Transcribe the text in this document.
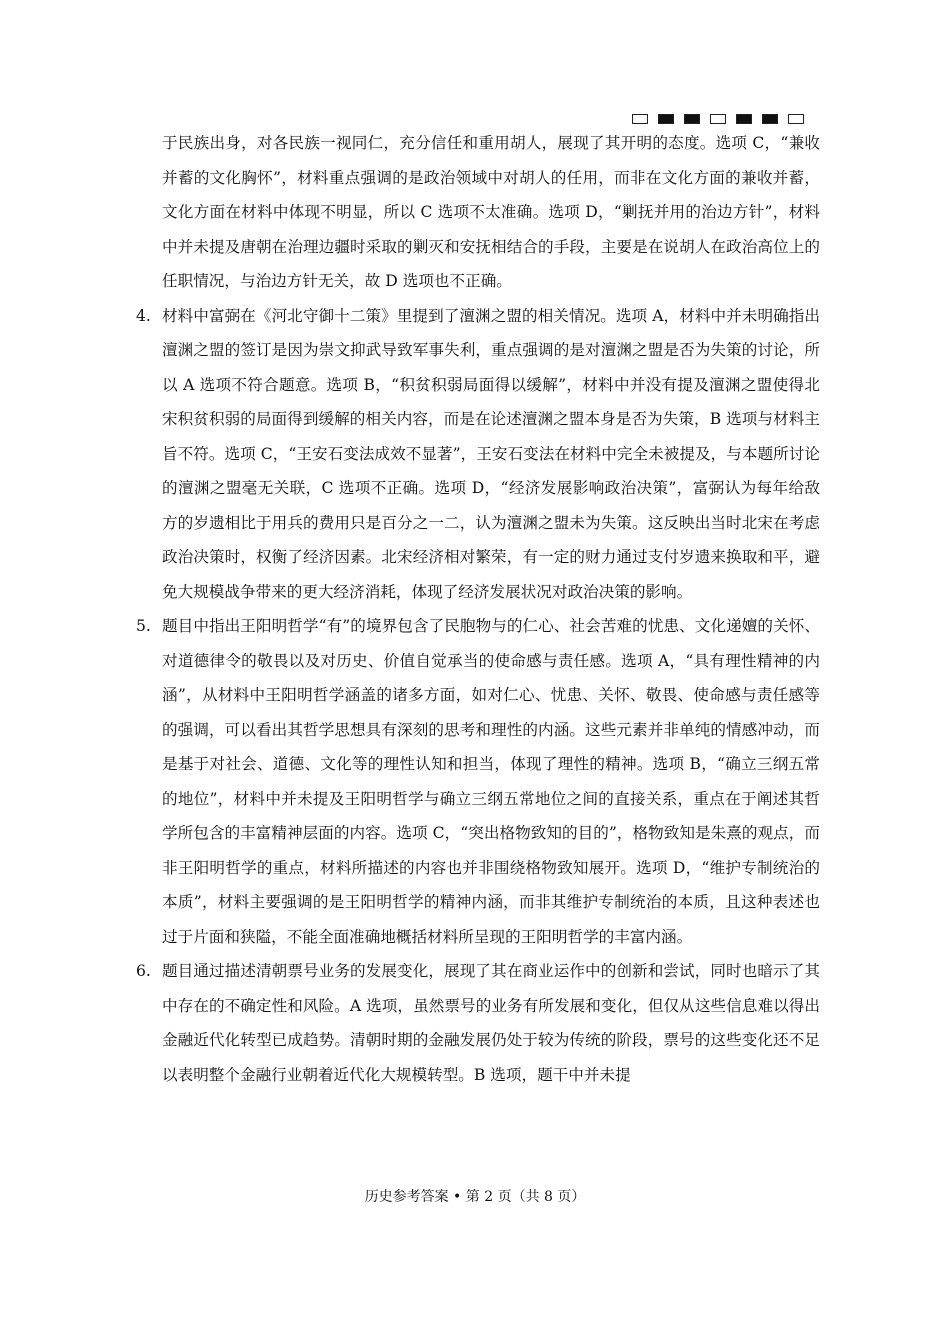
于民族出身，对各民族一视同仁，充分信任和重用胡人，展现了其开明的态度。选项 C，“兼收并蓄的文化胸怀”，材料重点强调的是政治领域中对胡人的任用，而非在文化方面的兼收并蓄，文化方面在材料中体现不明显，所以 C 选项不太准确。选项 D，“剿抚并用的治边方针”，材料中并未提及唐朝在治理边疆时采取的剿灭和安抚相结合的手段，主要是在说胡人在政治高位上的任职情况，与治边方针无关，故 D 选项也不正确。

4. 材料中富弼在《河北守御十二策》里提到了澶渊之盟的相关情况。选项 A，材料中并未明确指出澶渊之盟的签订是因为崇文抑武导致军事失利，重点强调的是对澶渊之盟是否为失策的讨论，所以 A 选项不符合题意。选项 B，“积贫积弱局面得以缓解”，材料中并没有提及澶渊之盟使得北宋积贫积弱的局面得到缓解的相关内容，而是在论述澶渊之盟本身是否为失策，B 选项与材料主旨不符。选项 C，“王安石变法成效不显著”，王安石变法在材料中完全未被提及，与本题所讨论的澶渊之盟毫无关联，C 选项不正确。选项 D，“经济发展影响政治决策”，富弼认为每年给敌方的岁遗相比于用兵的费用只是百分之一二，认为澶渊之盟未为失策。这反映出当时北宋在考虑政治决策时，权衡了经济因素。北宋经济相对繁荣，有一定的财力通过支付岁遗来换取和平，避免大规模战争带来的更大经济消耗，体现了经济发展状况对政治决策的影响。

5. 题目中指出王阳明哲学“有”的境界包含了民胞物与的仁心、社会苦难的忧患、文化递嬗的关怀、对道德律令的敬畏以及对历史、价值自觉承当的使命感与责任感。选项 A，“具有理性精神的内涵”，从材料中王阳明哲学涵盖的诸多方面，如对仁心、忧患、关怀、敬畏、使命感与责任感等的强调，可以看出其哲学思想具有深刻的思考和理性的内涵。这些元素并非单纯的情感冲动，而是基于对社会、道德、文化等的理性认知和担当，体现了理性的精神。选项 B，“确立三纲五常的地位”，材料中并未提及王阳明哲学与确立三纲五常地位之间的直接关系，重点在于阐述其哲学所包含的丰富精神层面的内容。选项 C，“突出格物致知的目的”，格物致知是朱熹的观点，而非王阳明哲学的重点，材料所描述的内容也并非围绕格物致知展开。选项 D，“维护专制统治的本质”，材料主要强调的是王阳明哲学的精神内涵，而非其维护专制统治的本质，且这种表述也过于片面和狭隘，不能全面准确地概括材料所呈现的王阳明哲学的丰富内涵。

6. 题目通过描述清朝票号业务的发展变化，展现了其在商业运作中的创新和尝试，同时也暗示了其中存在的不确定性和风险。A 选项，虽然票号的业务有所发展和变化，但仅从这些信息难以得出金融近代化转型已成趋势。清朝时期的金融发展仍处于较为传统的阶段，票号的这些变化还不足以表明整个金融行业朝着近代化大规模转型。B 选项，题干中并未提

历史参考答案 • 第 2 页（共 8 页）
